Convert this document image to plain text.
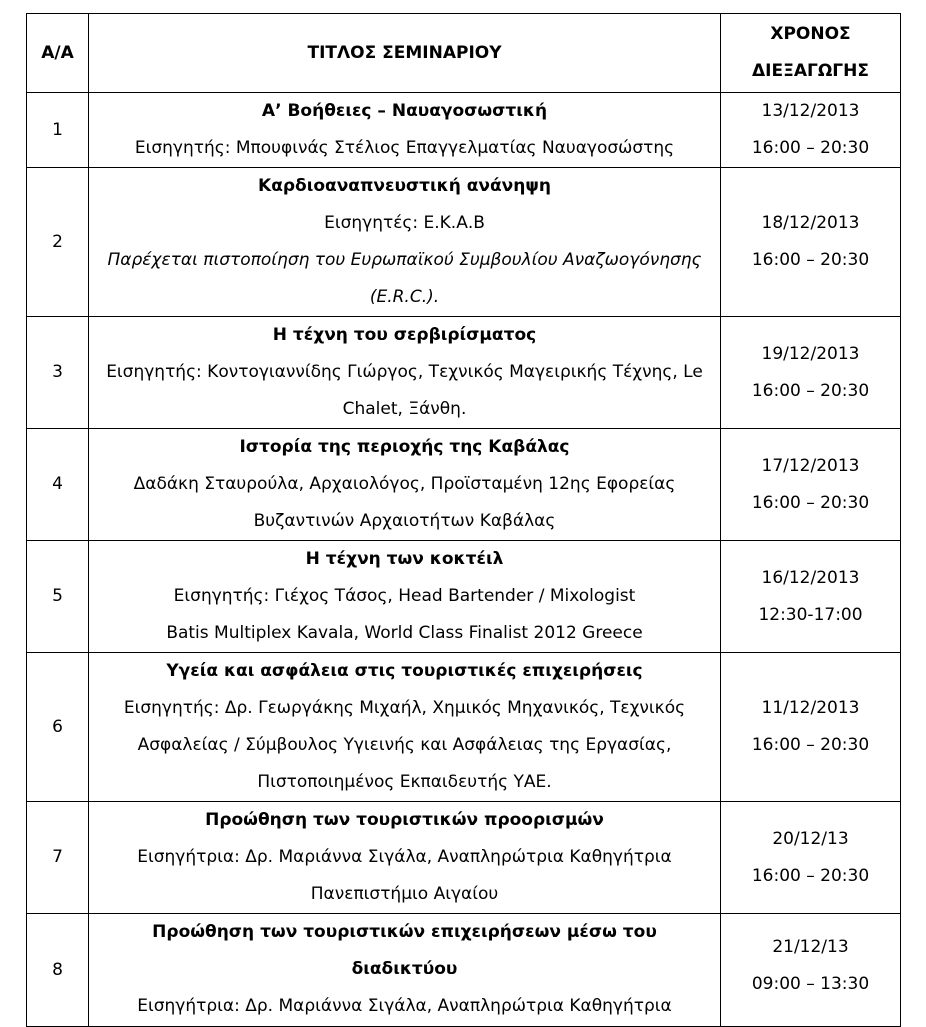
Α/Α	ΤΙΤΛΟΣ ΣΕΜΙΝΑΡΙΟΥ	ΧΡΟΝΟΣ
ΔΙΕΞΑΓΩΓΗΣ

1	Α’ Βοήθειες – Ναυαγοσωστική
Εισηγητής: Μπουφινάς Στέλιος Επαγγελματίας Ναυαγοσώστης	13/12/2013
16:00 – 20:30

2	Καρδιοαναπνευστική ανάνηψη
Εισηγητές: Ε.Κ.Α.Β
Παρέχεται πιστοποίηση του Ευρωπαϊκού Συμβουλίου Αναζωογόνησης
(E.R.C.).	18/12/2013
16:00 – 20:30

3	Η τέχνη του σερβιρίσματος
Εισηγητής: Κοντογιαννίδης Γιώργος, Τεχνικός Μαγειρικής Τέχνης, Le
Chalet, Ξάνθη.	19/12/2013
16:00 – 20:30

4	Ιστορία της περιοχής της Καβάλας
Δαδάκη Σταυρούλα, Αρχαιολόγος, Προϊσταμένη 12ης Εφορείας
Βυζαντινών Αρχαιοτήτων Καβάλας	17/12/2013
16:00 – 20:30

5	Η τέχνη των κοκτέιλ
Εισηγητής: Γιέχος Τάσος, Head Bartender / Mixologist
Batis Multiplex Kavala, World Class Finalist 2012 Greece	16/12/2013
12:30-17:00

6	Υγεία και ασφάλεια στις τουριστικές επιχειρήσεις
Εισηγητής: Δρ. Γεωργάκης Μιχαήλ, Χημικός Μηχανικός, Τεχνικός
Ασφαλείας / Σύμβουλος Υγιεινής και Ασφάλειας της Εργασίας,
Πιστοποιημένος Εκπαιδευτής ΥΑΕ.	11/12/2013
16:00 – 20:30

7	Προώθηση των τουριστικών προορισμών
Εισηγήτρια: Δρ. Μαριάννα Σιγάλα, Αναπληρώτρια Καθηγήτρια
Πανεπιστήμιο Αιγαίου	20/12/13
16:00 – 20:30

8	Προώθηση των τουριστικών επιχειρήσεων μέσω του
διαδικτύου
Εισηγήτρια: Δρ. Μαριάννα Σιγάλα, Αναπληρώτρια Καθηγήτρια	21/12/13
09:00 – 13:30
